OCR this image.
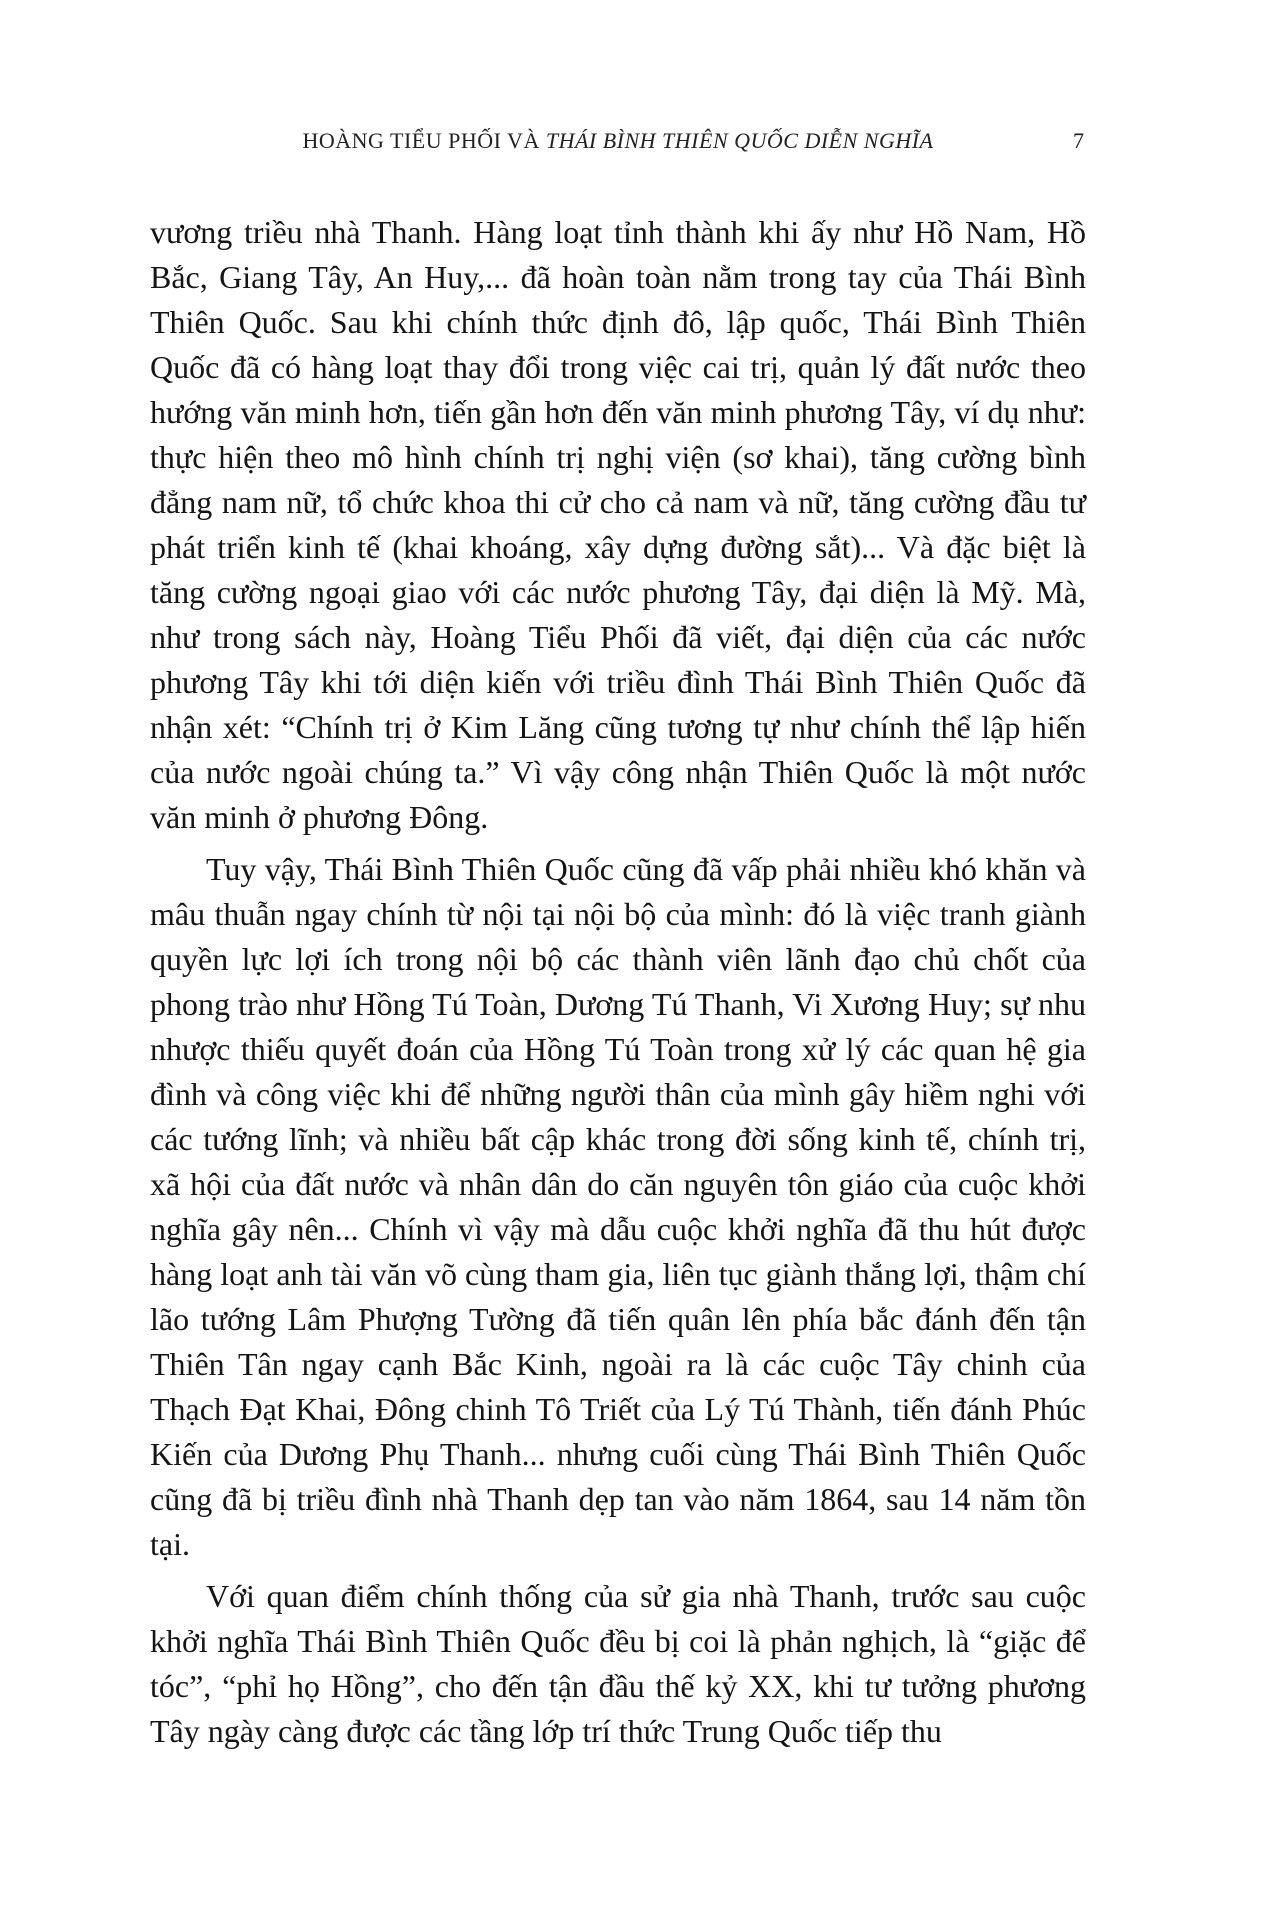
HOÀNG TIỂU PHỐI VÀ THÁI BÌNH THIÊN QUỐC DIỄN NGHĨA	7

vương triều nhà Thanh. Hàng loạt tỉnh thành khi ấy như Hồ Nam, Hồ Bắc, Giang Tây, An Huy,... đã hoàn toàn nằm trong tay của Thái Bình Thiên Quốc. Sau khi chính thức định đô, lập quốc, Thái Bình Thiên Quốc đã có hàng loạt thay đổi trong việc cai trị, quản lý đất nước theo hướng văn minh hơn, tiến gần hơn đến văn minh phương Tây, ví dụ như: thực hiện theo mô hình chính trị nghị viện (sơ khai), tăng cường bình đẳng nam nữ, tổ chức khoa thi cử cho cả nam và nữ, tăng cường đầu tư phát triển kinh tế (khai khoáng, xây dựng đường sắt)... Và đặc biệt là tăng cường ngoại giao với các nước phương Tây, đại diện là Mỹ. Mà, như trong sách này, Hoàng Tiểu Phối đã viết, đại diện của các nước phương Tây khi tới diện kiến với triều đình Thái Bình Thiên Quốc đã nhận xét: “Chính trị ở Kim Lăng cũng tương tự như chính thể lập hiến của nước ngoài chúng ta.” Vì vậy công nhận Thiên Quốc là một nước văn minh ở phương Đông.

Tuy vậy, Thái Bình Thiên Quốc cũng đã vấp phải nhiều khó khăn và mâu thuẫn ngay chính từ nội tại nội bộ của mình: đó là việc tranh giành quyền lực lợi ích trong nội bộ các thành viên lãnh đạo chủ chốt của phong trào như Hồng Tú Toàn, Dương Tú Thanh, Vi Xương Huy; sự nhu nhược thiếu quyết đoán của Hồng Tú Toàn trong xử lý các quan hệ gia đình và công việc khi để những người thân của mình gây hiềm nghi với các tướng lĩnh; và nhiều bất cập khác trong đời sống kinh tế, chính trị, xã hội của đất nước và nhân dân do căn nguyên tôn giáo của cuộc khởi nghĩa gây nên... Chính vì vậy mà dẫu cuộc khởi nghĩa đã thu hút được hàng loạt anh tài văn võ cùng tham gia, liên tục giành thắng lợi, thậm chí lão tướng Lâm Phượng Tường đã tiến quân lên phía bắc đánh đến tận Thiên Tân ngay cạnh Bắc Kinh, ngoài ra là các cuộc Tây chinh của Thạch Đạt Khai, Đông chinh Tô Triết của Lý Tú Thành, tiến đánh Phúc Kiến của Dương Phụ Thanh... nhưng cuối cùng Thái Bình Thiên Quốc cũng đã bị triều đình nhà Thanh dẹp tan vào năm 1864, sau 14 năm tồn tại.

Với quan điểm chính thống của sử gia nhà Thanh, trước sau cuộc khởi nghĩa Thái Bình Thiên Quốc đều bị coi là phản nghịch, là “giặc để tóc”, “phỉ họ Hồng”, cho đến tận đầu thế kỷ XX, khi tư tưởng phương Tây ngày càng được các tầng lớp trí thức Trung Quốc tiếp thu
